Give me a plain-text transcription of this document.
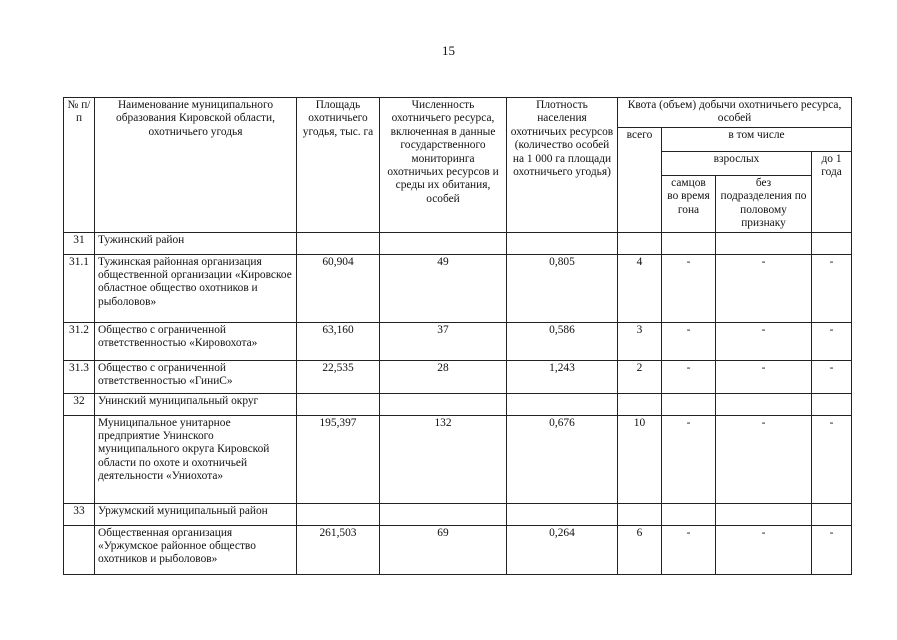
15
№ п/п	Наименование муниципального образования Кировской области, охотничьего угодья	Площадь охотничьего угодья, тыс. га	Численность охотничьего ресурса, включенная в данные государственного мониторинга охотничьих ресурсов и среды их обитания, особей	Плотность населения охотничьих ресурсов (количество особей на 1 000 га площади охотничьего угодья)	Квота (объем) добычи охотничьего ресурса, особей			
					всего	в том числе		
						взрослых		до 1 года
						самцов во время гона	без подразделения по половому признаку	
31	Тужинский район							
31.1	Тужинская районная организация общественной организации «Кировское областное общество охотников и рыболовов»	60,904	49	0,805	4	-	-	-
31.2	Общество с ограниченной ответственностью «Кировохота»	63,160	37	0,586	3	-	-	-
31.3	Общество с ограниченной ответственностью «ГиниС»	22,535	28	1,243	2	-	-	-
32	Унинский муниципальный округ							
	Муниципальное унитарное предприятие Унинского муниципального округа Кировской области по охоте и охотничьей деятельности «Униохота»	195,397	132	0,676	10	-	-	-
33	Уржумский муниципальный район							
	Общественная организация «Уржумское районное общество охотников и рыболовов»	261,503	69	0,264	6	-	-	-
